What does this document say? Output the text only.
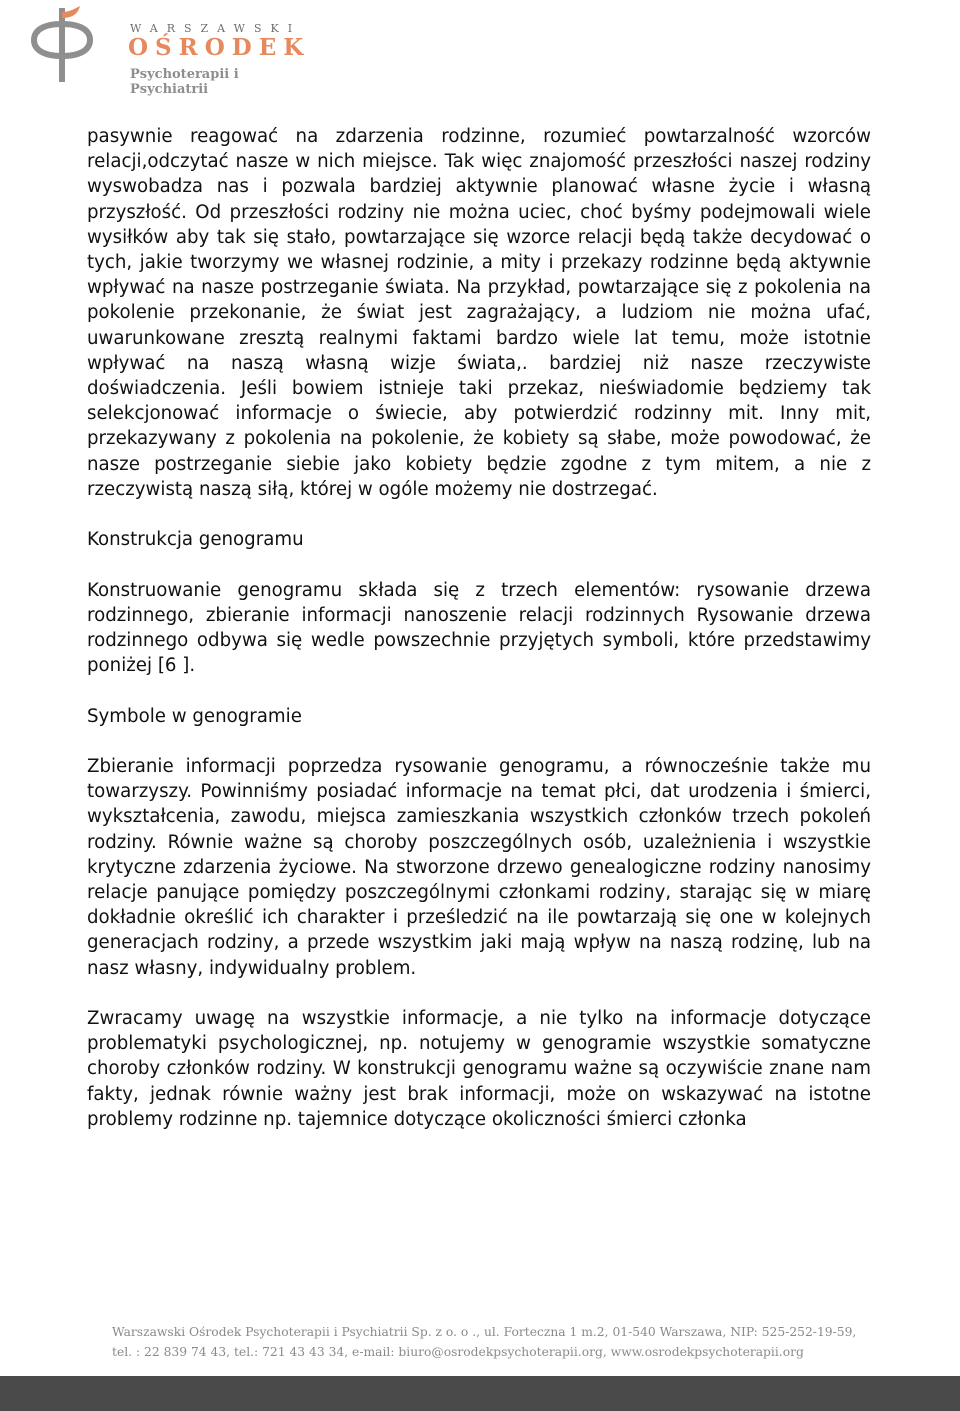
WARSZAWSKI
OŚRODEK
Psychoterapii i Psychiatrii

pasywnie reagować na zdarzenia rodzinne, rozumieć powtarzalność wzorców relacji,odczytać nasze w nich miejsce. Tak więc znajomość przeszłości naszej rodziny wyswobadza nas i pozwala bardziej aktywnie planować własne życie i własną przyszłość. Od przeszłości rodziny nie można uciec, choć byśmy podejmowali wiele wysiłków aby tak się stało, powtarzające się wzorce relacji będą także decydować o tych, jakie tworzymy we własnej rodzinie, a mity i przekazy rodzinne będą aktywnie wpływać na nasze postrzeganie świata. Na przykład, powtarzające się z pokolenia na pokolenie przekonanie, że świat jest zagrażający, a ludziom nie można ufać, uwarunkowane zresztą realnymi faktami bardzo wiele lat temu, może istotnie wpływać na naszą własną wizje świata,. bardziej niż nasze rzeczywiste doświadczenia. Jeśli bowiem istnieje taki przekaz, nieświadomie będziemy tak selekcjonować informacje o świecie, aby potwierdzić rodzinny mit. Inny mit, przekazywany z pokolenia na pokolenie, że kobiety są słabe, może powodować, że nasze postrzeganie siebie jako kobiety będzie zgodne z tym mitem, a nie z rzeczywistą naszą siłą, której w ogóle możemy nie dostrzegać.

Konstrukcja genogramu

Konstruowanie genogramu składa się z trzech elementów: rysowanie drzewa rodzinnego, zbieranie informacji nanoszenie relacji rodzinnych Rysowanie drzewa rodzinnego odbywa się wedle powszechnie przyjętych symboli, które przedstawimy poniżej [6 ].

Symbole w genogramie

Zbieranie informacji poprzedza rysowanie genogramu, a równocześnie także mu towarzyszy. Powinniśmy posiadać informacje na temat płci, dat urodzenia i śmierci, wykształcenia, zawodu, miejsca zamieszkania wszystkich członków trzech pokoleń rodziny. Równie ważne są choroby poszczególnych osób, uzależnienia i wszystkie krytyczne zdarzenia życiowe. Na stworzone drzewo genealogiczne rodziny nanosimy relacje panujące pomiędzy poszczególnymi członkami rodziny, starając się w miarę dokładnie określić ich charakter i prześledzić na ile powtarzają się one w kolejnych generacjach rodziny, a przede wszystkim jaki mają wpływ na naszą rodzinę, lub na nasz własny, indywidualny problem.

Zwracamy uwagę na wszystkie informacje, a nie tylko na informacje dotyczące problematyki psychologicznej, np. notujemy w genogramie wszystkie somatyczne choroby członków rodziny. W konstrukcji genogramu ważne są oczywiście znane nam fakty, jednak równie ważny jest brak informacji, może on wskazywać na istotne problemy rodzinne np. tajemnice dotyczące okoliczności śmierci członka

Warszawski Ośrodek Psychoterapii i Psychiatrii Sp. z o. o ., ul. Forteczna 1 m.2, 01-540 Warszawa, NIP: 525-252-19-59,
tel. : 22 839 74 43, tel.: 721 43 43 34, e-mail: biuro@osrodekpsychoterapii.org, www.osrodekpsychoterapii.org
